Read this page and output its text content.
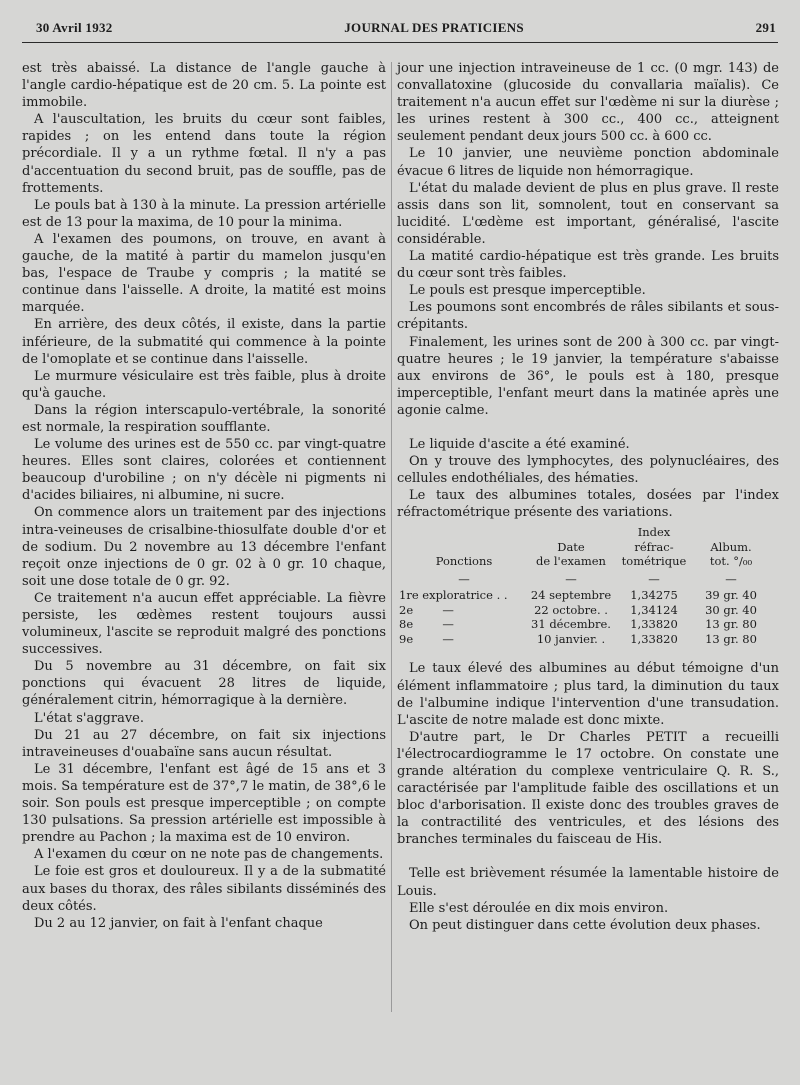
30 Avril 1932	JOURNAL DES PRATICIENS	291

est très abaissé. La distance de l'angle gauche à l'angle cardio-hépatique est de 20 cm. 5. La pointe est immobile.

A l'auscultation, les bruits du cœur sont faibles, rapides ; on les entend dans toute la région précordiale. Il y a un rythme fœtal. Il n'y a pas d'accentuation du second bruit, pas de souffle, pas de frottements.

Le pouls bat à 130 à la minute. La pression artérielle est de 13 pour la maxima, de 10 pour la minima.

A l'examen des poumons, on trouve, en avant à gauche, de la matité à partir du mamelon jusqu'en bas, l'espace de Traube y compris ; la matité se continue dans l'aisselle. A droite, la matité est moins marquée.

En arrière, des deux côtés, il existe, dans la partie inférieure, de la submatité qui commence à la pointe de l'omoplate et se continue dans l'aisselle.

Le murmure vésiculaire est très faible, plus à droite qu'à gauche.

Dans la région interscapulo-vertébrale, la sonorité est normale, la respiration soufflante.

Le volume des urines est de 550 cc. par vingt-quatre heures. Elles sont claires, colorées et contiennent beaucoup d'urobiline ; on n'y décèle ni pigments ni d'acides biliaires, ni albumine, ni sucre.

On commence alors un traitement par des injections intra-veineuses de crisalbine-thiosulfate double d'or et de sodium. Du 2 novembre au 13 décembre l'enfant reçoit onze injections de 0 gr. 02 à 0 gr. 10 chaque, soit une dose totale de 0 gr. 92.

Ce traitement n'a aucun effet appréciable. La fièvre persiste, les œdèmes restent toujours aussi volumineux, l'ascite se reproduit malgré des ponctions successives.

Du 5 novembre au 31 décembre, on fait six ponctions qui évacuent 28 litres de liquide, généralement citrin, hémorragique à la dernière.

L'état s'aggrave.

Du 21 au 27 décembre, on fait six injections intraveineuses d'ouabaïne sans aucun résultat.

Le 31 décembre, l'enfant est âgé de 15 ans et 3 mois. Sa température est de 37°,7 le matin, de 38°,6 le soir. Son pouls est presque imperceptible ; on compte 130 pulsations. Sa pression artérielle est impossible à prendre au Pachon ; la maxima est de 10 environ.

A l'examen du cœur on ne note pas de changements.

Le foie est gros et douloureux. Il y a de la submatité aux bases du thorax, des râles sibilants disséminés des deux côtés.

Du 2 au 12 janvier, on fait à l'enfant chaque

jour une injection intraveineuse de 1 cc. (0 mgr. 143) de convallatoxine (glucoside du convallaria maïalis). Ce traitement n'a aucun effet sur l'œdème ni sur la diurèse ; les urines restent à 300 cc., 400 cc., atteignent seulement pendant deux jours 500 cc. à 600 cc.

Le 10 janvier, une neuvième ponction abdominale évacue 6 litres de liquide non hémorragique.

L'état du malade devient de plus en plus grave. Il reste assis dans son lit, somnolent, tout en conservant sa lucidité. L'œdème est important, généralisé, l'ascite considérable.

La matité cardio-hépatique est très grande. Les bruits du cœur sont très faibles.

Le pouls est presque imperceptible.

Les poumons sont encombrés de râles sibilants et sous-crépitants.

Finalement, les urines sont de 200 à 300 cc. par vingt-quatre heures ; le 19 janvier, la température s'abaisse aux environs de 36°, le pouls est à 180, presque imperceptible, l'enfant meurt dans la matinée après une agonie calme.

Le liquide d'ascite a été examiné.

On y trouve des lymphocytes, des polynucléaires, des cellules endothéliales, des hématies.

Le taux des albumines totales, dosées par l'index réfractométrique présente des variations.

Index
Date	réfrac-	Album.
Ponctions	de l'examen	tométrique	tot. °/₀₀
—	—	—	—
1re exploratrice . .	24 septembre	1,34275	39 gr. 40
2e        —	22 octobre. .	1,34124	30 gr. 40
8e        —	31 décembre.	1,33820	13 gr. 80
9e        —	10 janvier. .	1,33820	13 gr. 80

Le taux élevé des albumines au début témoigne d'un élément inflammatoire ; plus tard, la diminution du taux de l'albumine indique l'intervention d'une transudation. L'ascite de notre malade est donc mixte.

D'autre part, le Dr Charles PETIT a recueilli l'électrocardiogramme le 17 octobre. On constate une grande altération du complexe ventriculaire Q. R. S., caractérisée par l'amplitude faible des oscillations et un bloc d'arborisation. Il existe donc des troubles graves de la contractilité des ventricules, et des lésions des branches terminales du faisceau de His.

Telle est brièvement résumée la lamentable histoire de Louis.

Elle s'est déroulée en dix mois environ.

On peut distinguer dans cette évolution deux phases.
